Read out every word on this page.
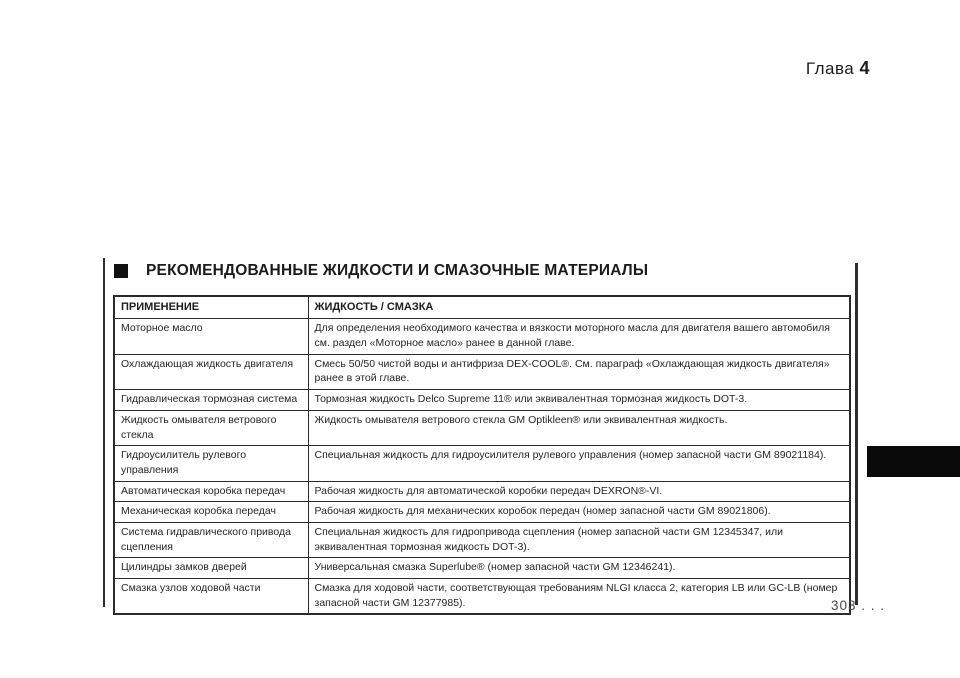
Глава 4
РЕКОМЕНДОВАННЫЕ ЖИДКОСТИ И СМАЗОЧНЫЕ МАТЕРИАЛЫ
ПРИМЕНЕНИЕ	ЖИДКОСТЬ / СМАЗКА
Моторное масло	Для определения необходимого качества и вязкости моторного масла для двигателя вашего автомобиля см. раздел «Моторное масло» ранее в данной главе.
Охлаждающая жидкость двигателя	Смесь 50/50 чистой воды и антифриза DEX-COOL®. См. параграф «Охлаждающая жидкость двигателя» ранее в этой главе.
Гидравлическая тормозная система	Тормозная жидкость Delco Supreme 11® или эквивалентная тормозная жидкость DOT-3.
Жидкость омывателя ветрового стекла	Жидкость омывателя ветрового стекла GM Optikleen® или эквивалентная жидкость.
Гидроусилитель рулевого управления	Специальная жидкость для гидроусилителя рулевого управления (номер запасной части GM 89021184).
Автоматическая коробка передач	Рабочая жидкость для автоматической коробки передач DEXRON®-VI.
Механическая коробка передач	Рабочая жидкость для механических коробок передач (номер запасной части GM 89021806).
Система гидравлического привода сцепления	Специальная жидкость для гидропривода сцепления (номер запасной части GM 12345347, или эквивалентная тормозная жидкость DOT-3).
Цилиндры замков дверей	Универсальная смазка Superlube® (номер запасной части GM 12346241).
Смазка узлов ходовой части	Смазка для ходовой части, соответствующая требованиям NLGI класса 2, категория LB или GC-LB (номер запасной части GM 12377985).	303 . . .
